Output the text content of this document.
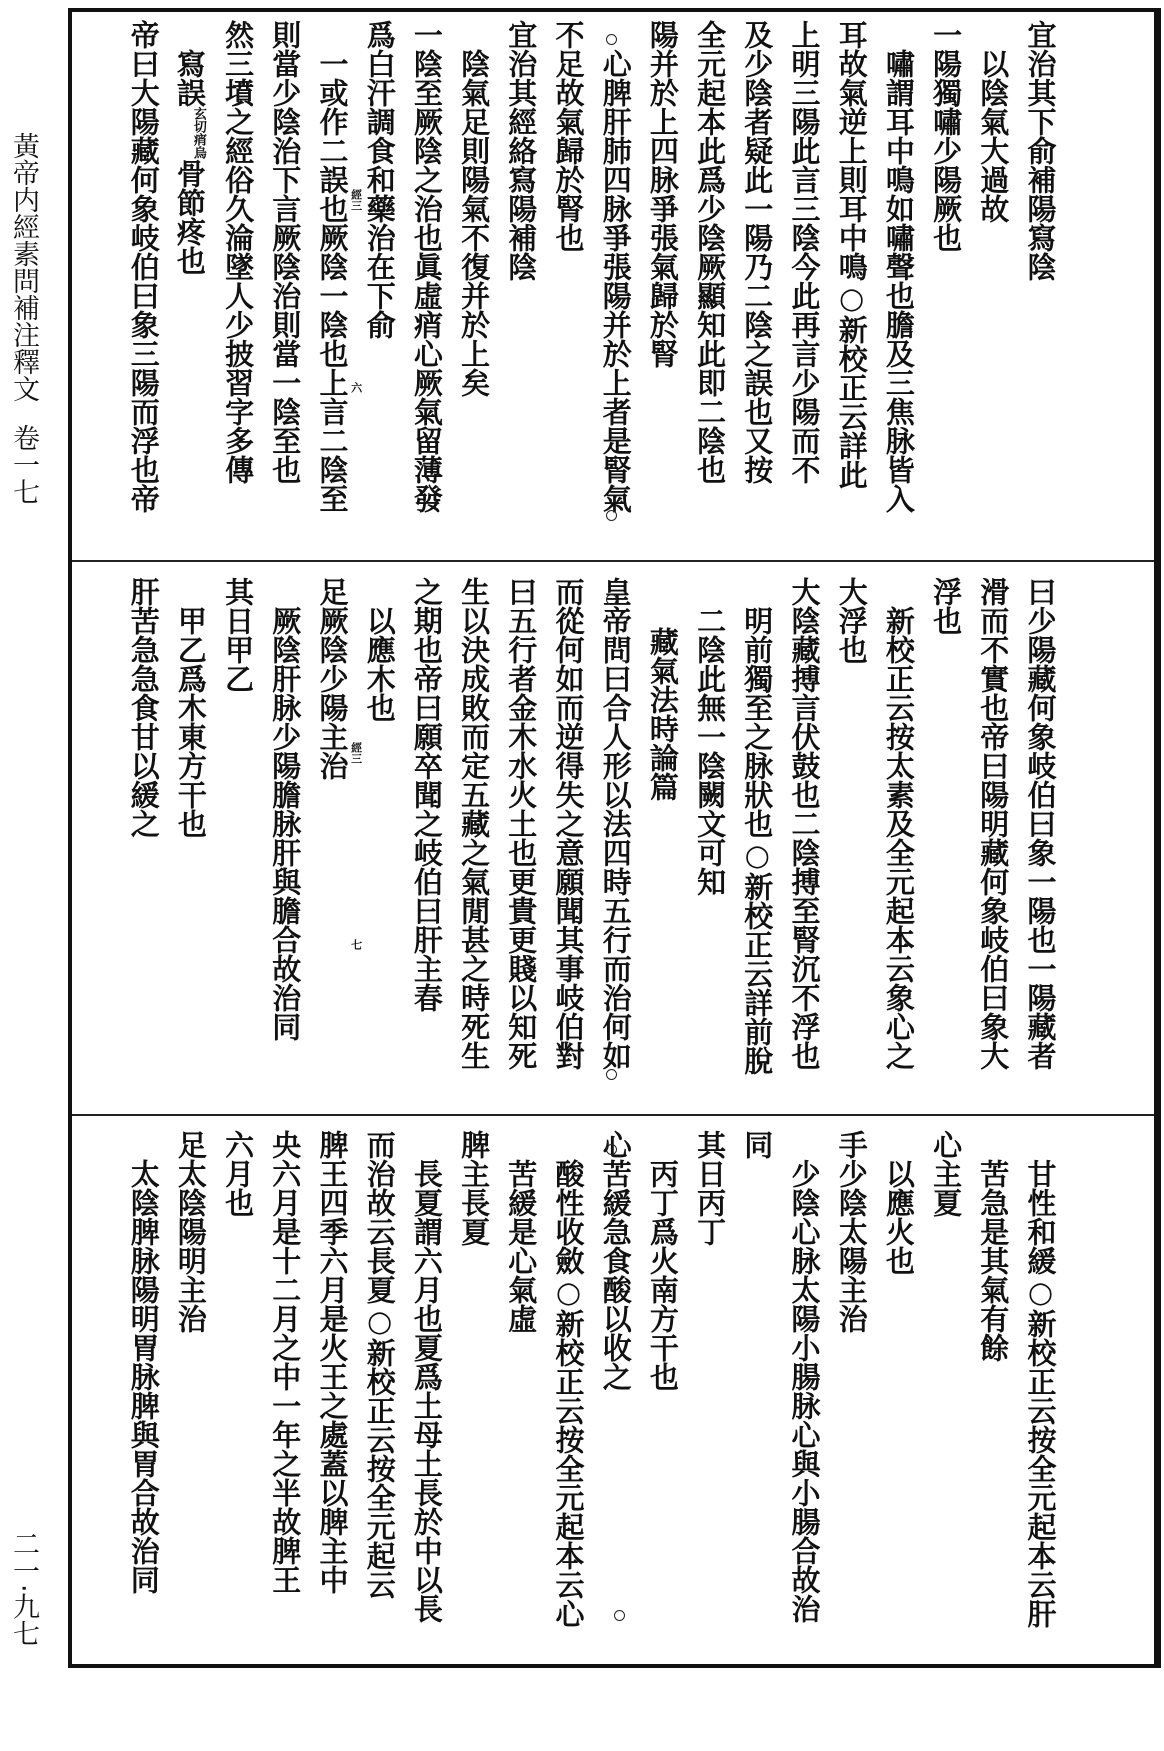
黃帝内經素問補注釋文卷一七
二一·九七
宜治其下俞補陽寫陰
以陰氣大過故
一陽獨嘯少陽厥也
嘯謂耳中鳴如嘯聲也膽及三焦脉皆入
耳故氣逆上則耳中鳴○新校正云詳此
上明三陽此言三陰今此再言少陽而不
及少陰者疑此一陽乃二陰之誤也又按
全元起本此爲少陰厥顯知此即二陰也
陽并於上四脉爭張氣歸於腎
心脾肝肺四脉爭張陽并於上者是腎氣
不足故氣歸於腎也
宜治其經絡寫陽補陰
陰氣足則陽氣不復并於上矣
一陰至厥陰之治也眞虛痟心厥氣留薄發
爲白汗調食和藥治在下俞
一或作二誤也厥陰一陰也上言二陰至
則當少陰治下言厥陰治則當一陰至也
然三墳之經俗久淪墜人少披習字多傳
寫誤
痟烏
玄切
骨節疼也
帝曰大陽藏何象岐伯曰象三陽而浮也帝	經三
六
曰少陽藏何象岐伯曰象一陽也一陽藏者
滑而不實也帝曰陽明藏何象岐伯曰象大
浮也
新校正云按太素及全元起本云象心之
大浮也
大陰藏搏言伏鼓也二陰搏至腎沉不浮也
明前獨至之脉狀也○新校正云詳前脫
二陰此無一陰闕文可知
藏氣法時論篇
皇帝問曰合人形以法四時五行而治何如
而從何如而逆得失之意願聞其事岐伯對
曰五行者金木水火土也更貴更賤以知死
生以決成敗而定五藏之氣閒甚之時死生
之期也帝曰願卒聞之岐伯曰肝主春
以應木也
足厥陰少陽主治
厥陰肝脉少陽膽脉肝與膽合故治同
其日甲乙
甲乙爲木東方干也
肝苦急急食甘以緩之	經三
七
甘性和緩○新校正云按全元起本云肝
苦急是其氣有餘
心主夏
以應火也
手少陰太陽主治
少陰心脉太陽小腸脉心與小腸合故治
同
其日丙丁
丙丁爲火南方干也
心苦緩急食酸以收之
酸性收斂○新校正云按全元起本云心
苦緩是心氣虛
脾主長夏
長夏謂六月也夏爲土母土長於中以長
而治故云長夏○新校正云按全元起云
脾王四季六月是火王之處蓋以脾主中
央六月是十二月之中一年之半故脾王
六月也
足太陰陽明主治
太陰脾脉陽明胃脉脾與胃合故治同
